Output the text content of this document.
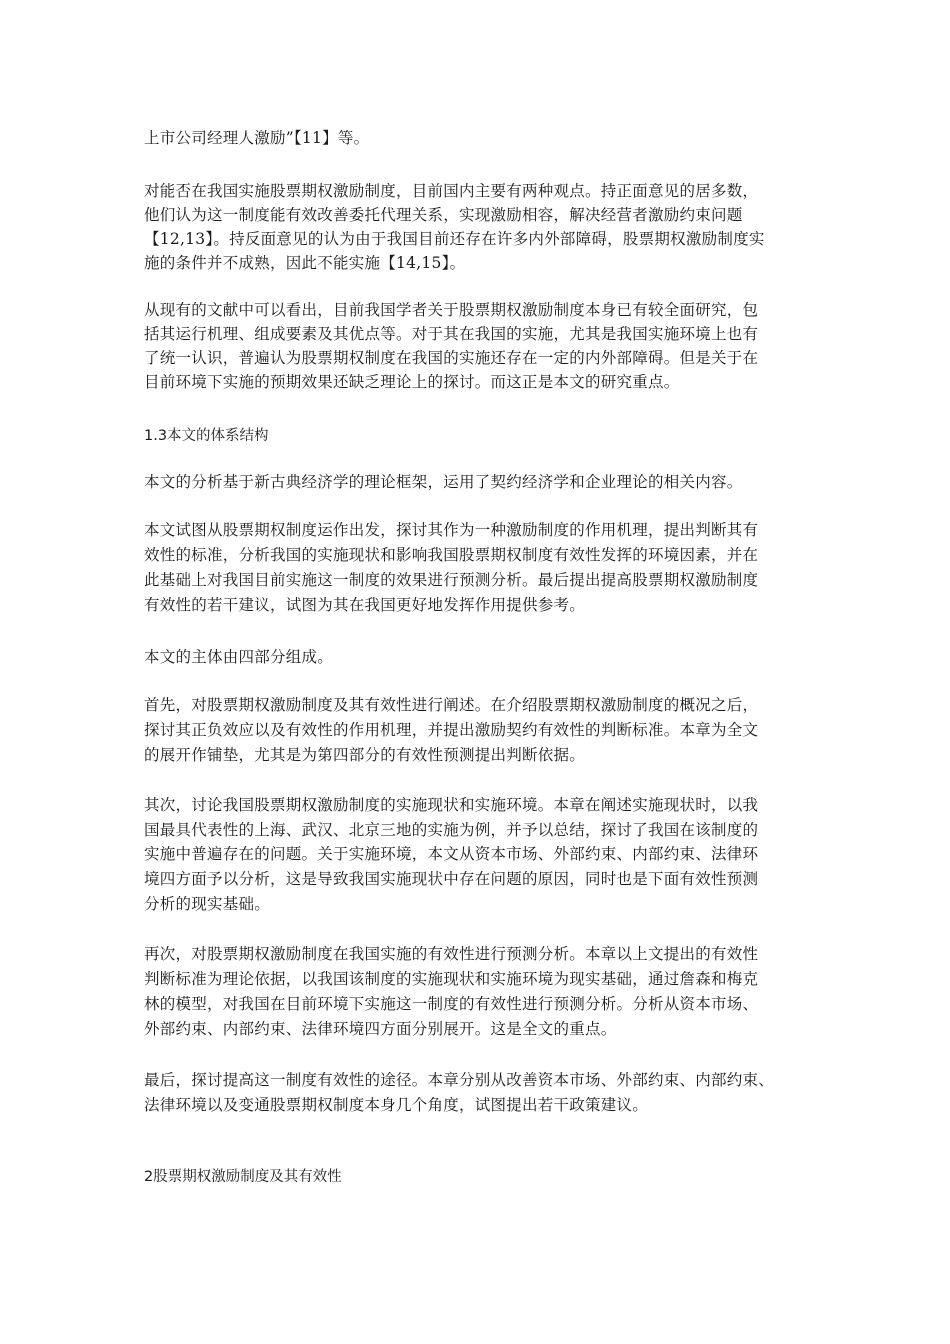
上市公司经理人激励”【11】等。
对能否在我国实施股票期权激励制度，目前国内主要有两种观点。持正面意见的居多数，
他们认为这一制度能有效改善委托代理关系，实现激励相容，解决经营者激励约束问题
【12,13】。持反面意见的认为由于我国目前还存在许多内外部障碍，股票期权激励制度实
施的条件并不成熟，因此不能实施【14,15】。
从现有的文献中可以看出，目前我国学者关于股票期权激励制度本身已有较全面研究，包
括其运行机理、组成要素及其优点等。对于其在我国的实施，尤其是我国实施环境上也有
了统一认识，普遍认为股票期权制度在我国的实施还存在一定的内外部障碍。但是关于在
目前环境下实施的预期效果还缺乏理论上的探讨。而这正是本文的研究重点。
1.3本文的体系结构
本文的分析基于新古典经济学的理论框架，运用了契约经济学和企业理论的相关内容。
本文试图从股票期权制度运作出发，探讨其作为一种激励制度的作用机理，提出判断其有
效性的标准，分析我国的实施现状和影响我国股票期权制度有效性发挥的环境因素，并在
此基础上对我国目前实施这一制度的效果进行预测分析。最后提出提高股票期权激励制度
有效性的若干建议，试图为其在我国更好地发挥作用提供参考。
本文的主体由四部分组成。
首先，对股票期权激励制度及其有效性进行阐述。在介绍股票期权激励制度的概况之后，
探讨其正负效应以及有效性的作用机理，并提出激励契约有效性的判断标准。本章为全文
的展开作铺垫，尤其是为第四部分的有效性预测提出判断依据。
其次，讨论我国股票期权激励制度的实施现状和实施环境。本章在阐述实施现状时，以我
国最具代表性的上海、武汉、北京三地的实施为例，并予以总结，探讨了我国在该制度的
实施中普遍存在的问题。关于实施环境，本文从资本市场、外部约束、内部约束、法律环
境四方面予以分析，这是导致我国实施现状中存在问题的原因，同时也是下面有效性预测
分析的现实基础。
再次，对股票期权激励制度在我国实施的有效性进行预测分析。本章以上文提出的有效性
判断标准为理论依据，以我国该制度的实施现状和实施环境为现实基础，通过詹森和梅克
林的模型，对我国在目前环境下实施这一制度的有效性进行预测分析。分析从资本市场、
外部约束、内部约束、法律环境四方面分别展开。这是全文的重点。
最后，探讨提高这一制度有效性的途径。本章分别从改善资本市场、外部约束、内部约束、
法律环境以及变通股票期权制度本身几个角度，试图提出若干政策建议。
2股票期权激励制度及其有效性
